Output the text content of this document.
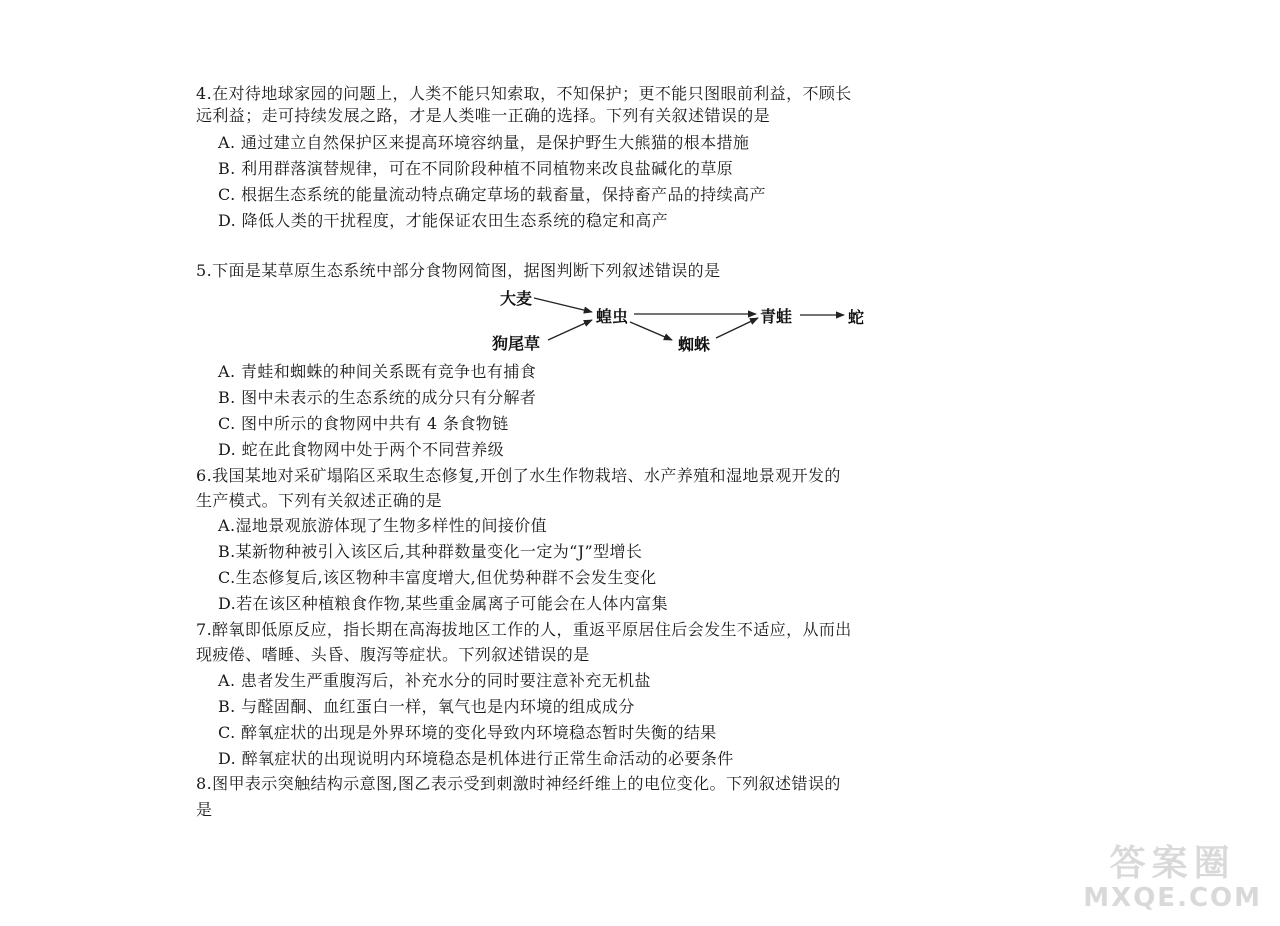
4.在对待地球家园的问题上，人类不能只知索取，不知保护；更不能只图眼前利益，不顾长
远利益；走可持续发展之路，才是人类唯一正确的选择。下列有关叙述错误的是
A. 通过建立自然保护区来提高环境容纳量，是保护野生大熊猫的根本措施
B. 利用群落演替规律，可在不同阶段种植不同植物来改良盐碱化的草原
C. 根据生态系统的能量流动特点确定草场的载畜量，保持畜产品的持续高产
D. 降低人类的干扰程度，才能保证农田生态系统的稳定和高产
5.下面是某草原生态系统中部分食物网简图，据图判断下列叙述错误的是
大麦
狗尾草
蝗虫
蜘蛛
青蛙	蛇
A. 青蛙和蜘蛛的种间关系既有竞争也有捕食
B. 图中未表示的生态系统的成分只有分解者
C. 图中所示的食物网中共有 4 条食物链
D. 蛇在此食物网中处于两个不同营养级
6.我国某地对采矿塌陷区采取生态修复,开创了水生作物栽培、水产养殖和湿地景观开发的
生产模式。下列有关叙述正确的是
A.湿地景观旅游体现了生物多样性的间接价值
B.某新物种被引入该区后,其种群数量变化一定为“J”型增长
C.生态修复后,该区物种丰富度增大,但优势种群不会发生变化
D.若在该区种植粮食作物,某些重金属离子可能会在人体内富集
7.醉氧即低原反应，指长期在高海拔地区工作的人，重返平原居住后会发生不适应，从而出
现疲倦、嗜睡、头昏、腹泻等症状。下列叙述错误的是
A. 患者发生严重腹泻后，补充水分的同时要注意补充无机盐
B. 与醛固酮、血红蛋白一样，氧气也是内环境的组成成分
C. 醉氧症状的出现是外界环境的变化导致内环境稳态暂时失衡的结果
D. 醉氧症状的出现说明内环境稳态是机体进行正常生命活动的必要条件
8.图甲表示突触结构示意图,图乙表示受到刺激时神经纤维上的电位变化。下列叙述错误的
是
答案圈
MXQE.COM
